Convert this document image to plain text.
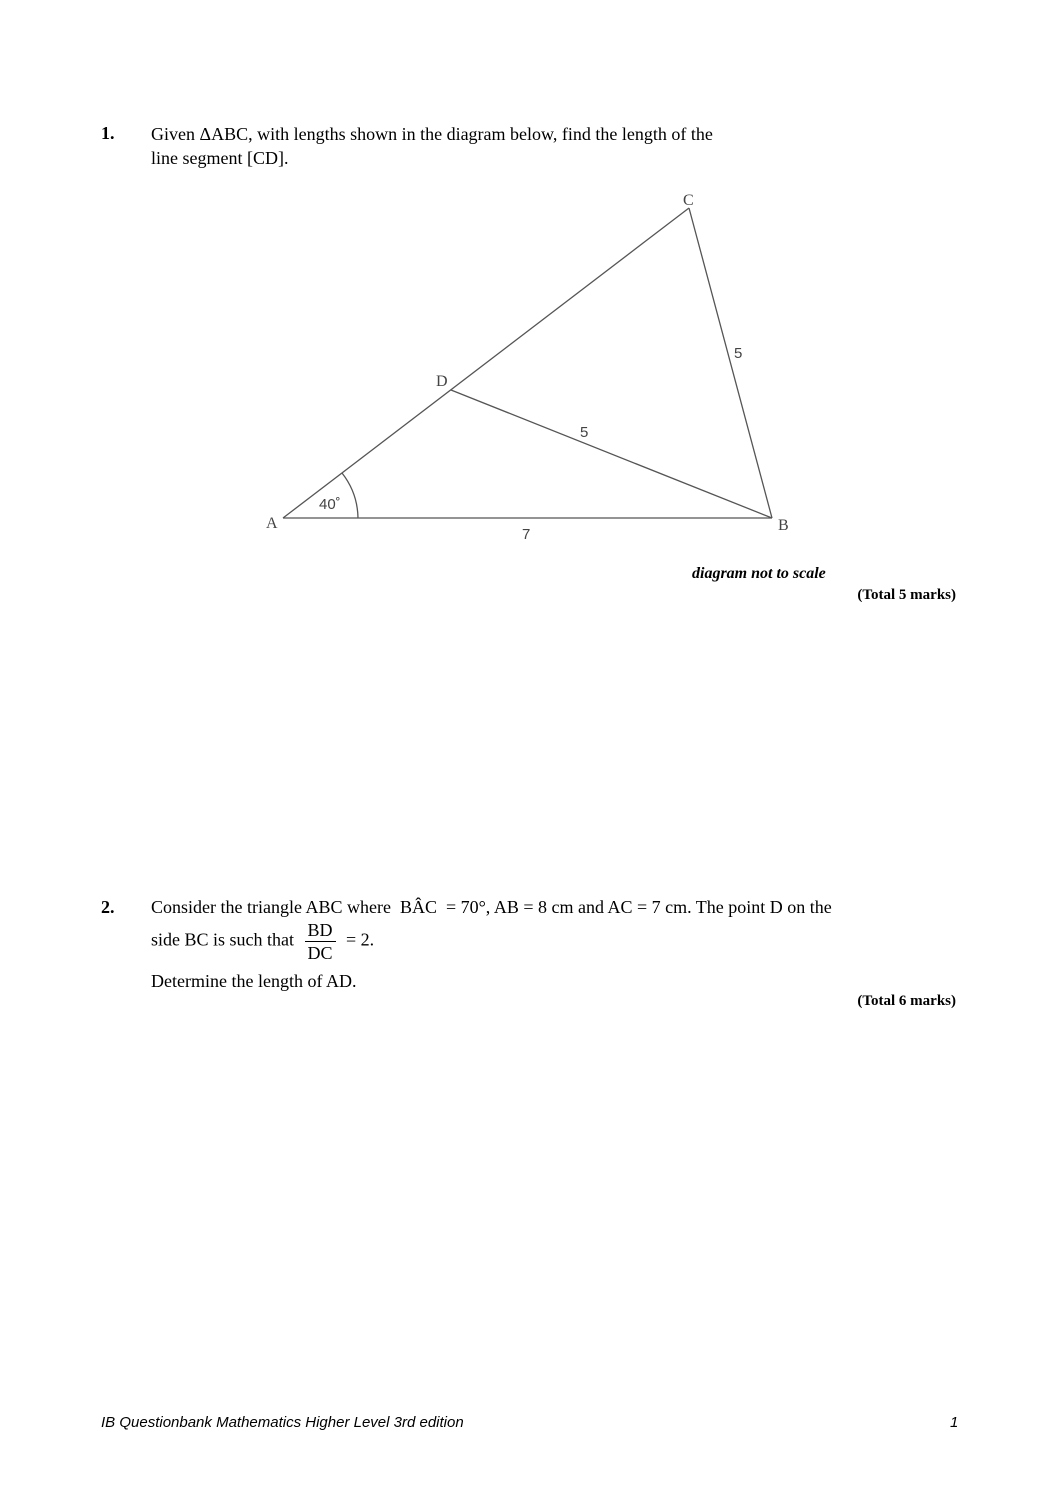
1. Given ΔABC, with lengths shown in the diagram below, find the length of the
line segment [CD].
A	B
C
D
5
5
7
40˚
diagram not to scale
(Total 5 marks)
2. Consider the triangle ABC where  BÂC  = 70°, AB = 8 cm and AC = 7 cm. The point D on the
side BC is such that $\frac{BD}{DC} = 2$.
Determine the length of AD.
(Total 6 marks)
IB Questionbank Mathematics Higher Level 3rd edition	1
